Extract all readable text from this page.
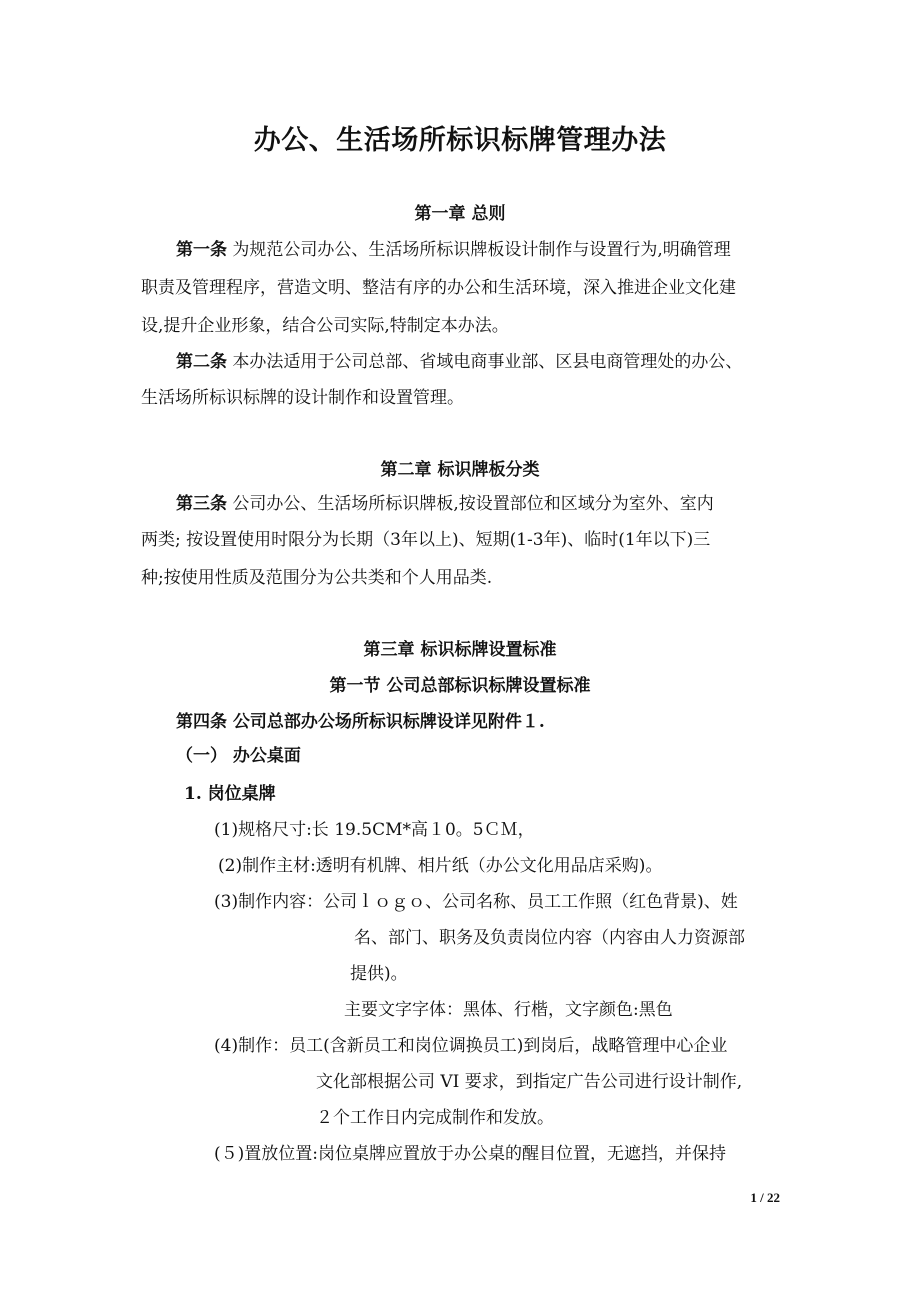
办公、生活场所标识标牌管理办法
第一章 总则
第一条 为规范公司办公、生活场所标识牌板设计制作与设置行为,明确管理
职责及管理程序，营造文明、整洁有序的办公和生活环境，深入推进企业文化建
设,提升企业形象，结合公司实际,特制定本办法。
第二条 本办法适用于公司总部、省域电商事业部、区县电商管理处的办公、
生活场所标识标牌的设计制作和设置管理。
第二章 标识牌板分类
第三条 公司办公、生活场所标识牌板,按设置部位和区域分为室外、室内
两类; 按设置使用时限分为长期（3年以上)、短期(1-3年)、临时(1年以下)三
种;按使用性质及范围分为公共类和个人用品类.
第三章 标识标牌设置标准
第一节 公司总部标识标牌设置标准
第四条 公司总部办公场所标识标牌设详见附件１.
（一） 办公桌面
1. 岗位桌牌
(1)规格尺寸:长 19.5CM*高１0。5ＣＭ，
(2)制作主材:透明有机牌、相片纸（办公文化用品店采购)。
(3)制作内容：公司ｌｏｇｏ、公司名称、员工工作照（红色背景)、姓
名、部门、职务及负责岗位内容（内容由人力资源部
提供)。
主要文字字体：黑体、行楷，文字颜色:黑色
(4)制作：员工(含新员工和岗位调换员工)到岗后，战略管理中心企业
文化部根据公司 VI 要求，到指定广告公司进行设计制作,
２个工作日内完成制作和发放。
(５)置放位置:岗位桌牌应置放于办公桌的醒目位置，无遮挡，并保持
1 / 22
